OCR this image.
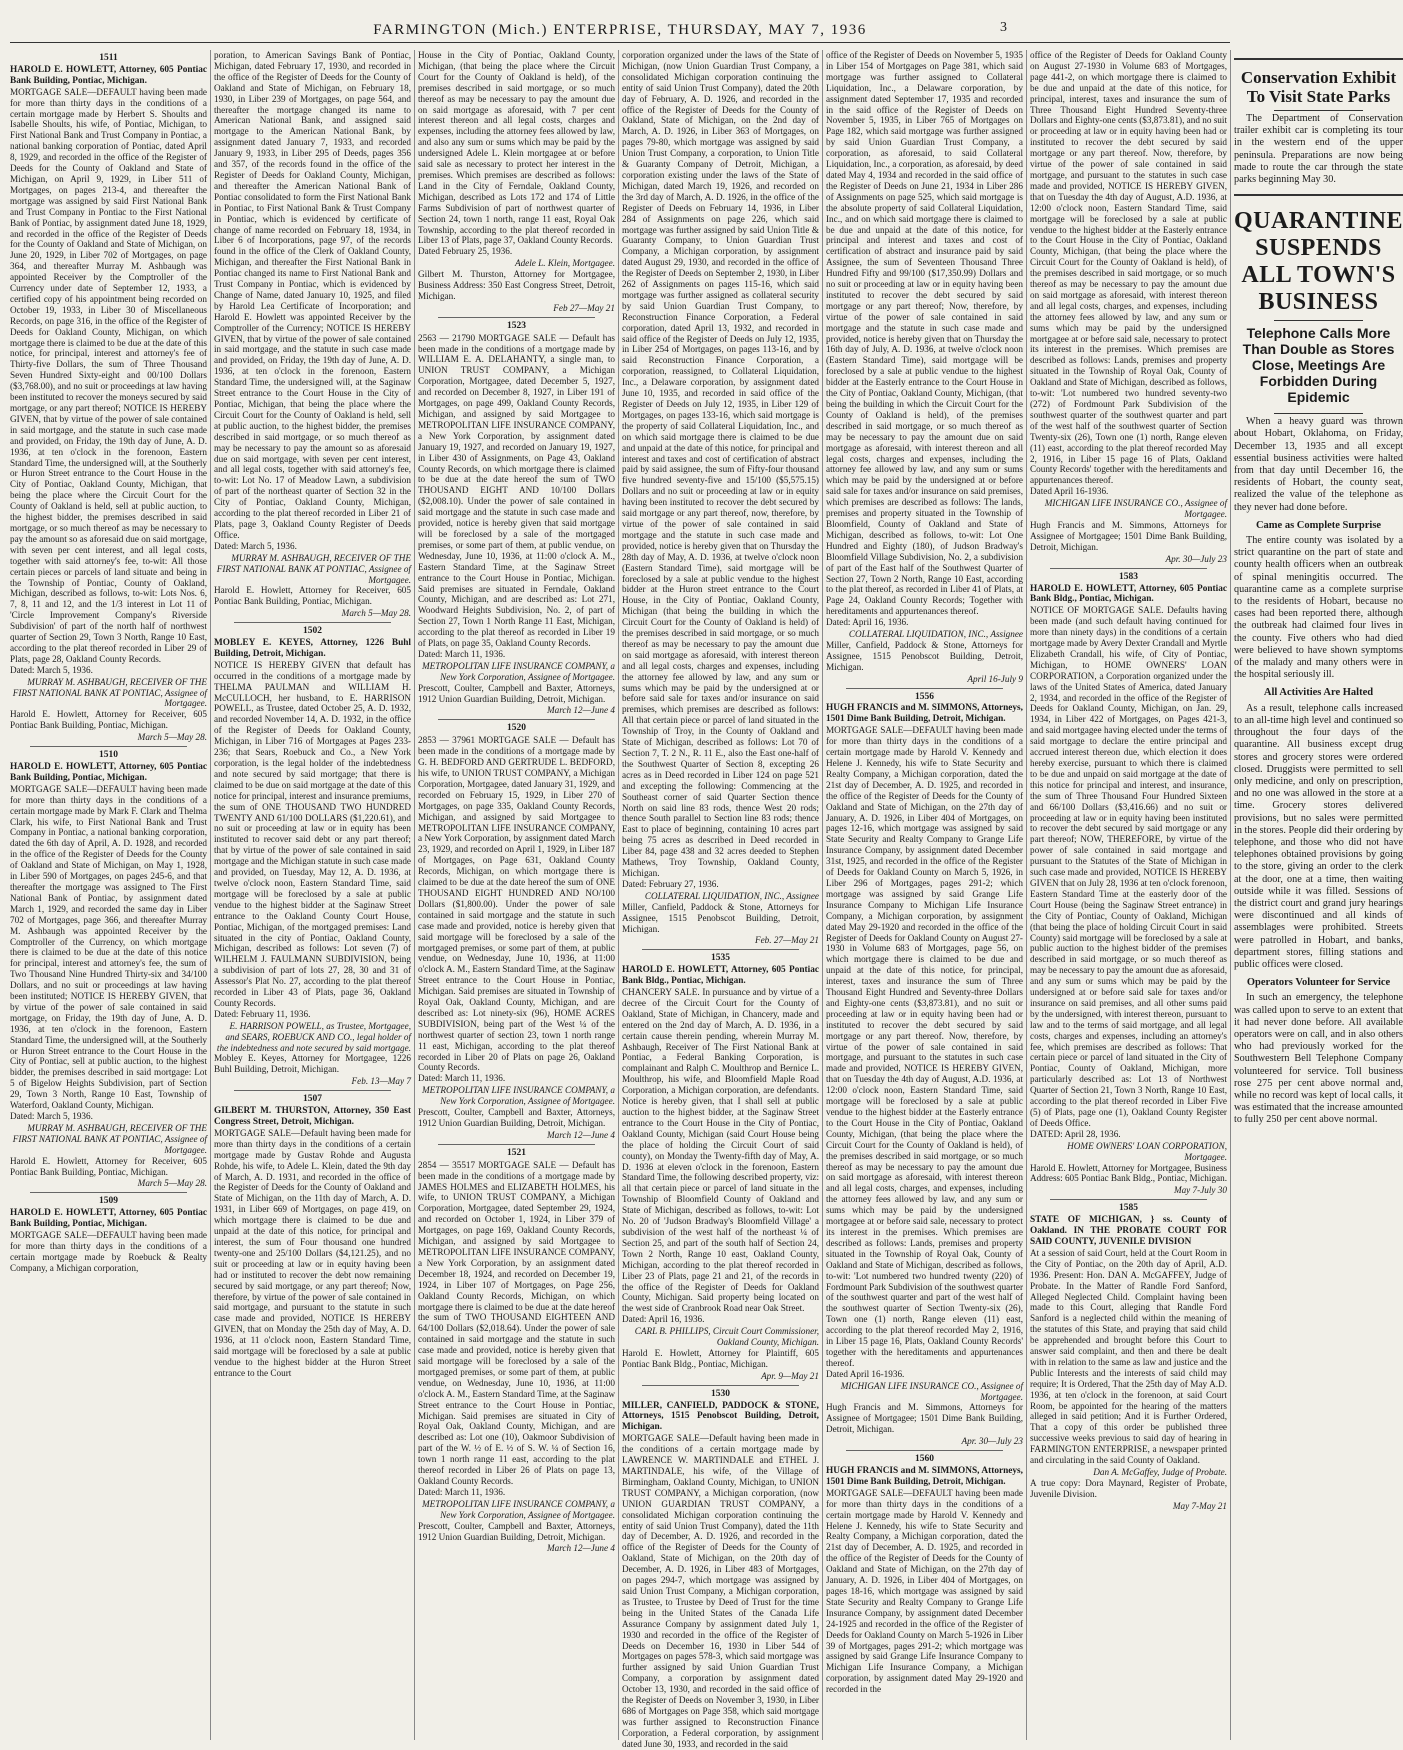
FARMINGTON (Mich.) ENTERPRISE, THURSDAY, MAY 7, 1936	3
1511
HAROLD E. HOWLETT, Attorney, 605 Pontiac Bank Building, Pontiac, Michigan.
MORTGAGE SALE—DEFAULT having been made for more than thirty days in the conditions of a certain mortgage made by Herbert S. Shoults and Isabelle Shoults, his wife, of Pontiac, Michigan, to First National Bank and Trust Company in Pontiac, a national banking corporation of Pontiac, dated April 8, 1929, and recorded in the office of the Register of Deeds for the County of Oakland and State of Michigan, on April 9, 1929, in Liber 511 of Mortgages, on pages 213-4, and thereafter the mortgage was assigned by said First National Bank and Trust Company in Pontiac to the First National Bank of Pontiac, by assignment dated June 18, 1929, and recorded in the office of the Register of Deeds for the County of Oakland and State of Michigan, on June 20, 1929, in Liber 702 of Mortgages, on page 364, and thereafter Murray M. Ashbaugh was appointed Receiver by the Comptroller of the Currency under date of September 12, 1933, a certified copy of his appointment being recorded on October 19, 1933, in Liber 30 of Miscellaneous Records, on page 316, in the office of the Register of Deeds for Oakland County, Michigan, on which mortgage there is claimed to be due at the date of this notice, for principal, interest and attorney's fee of Thirty-five Dollars, the sum of Three Thousand Seven Hundred Sixty-eight and 00/100 Dollars ($3,768.00), and no suit or proceedings at law having been instituted to recover the moneys secured by said mortgage, or any part thereof; NOTICE IS HEREBY GIVEN, that by virtue of the power of sale contained in said mortgage, and the statute in such case made and provided, on Friday, the 19th day of June, A. D. 1936, at ten o'clock in the forenoon, Eastern Standard Time, the undersigned will, at the Southerly or Huron Street entrance to the Court House in the City of Pontiac, Oakland County, Michigan, that being the place where the Circuit Court for the County of Oakland is held, sell at public auction, to the highest bidder, the premises described in said mortgage, or so much thereof as may be necessary to pay the amount so as aforesaid due on said mortgage, with seven per cent interest, and all legal costs, together with said attorney's fee, to-wit: All those certain pieces or parcels of land situate and being in the Township of Pontiac, County of Oakland, Michigan, described as follows, to-wit: Lots Nos. 6, 7, 8, 11 and 12, and the 1/3 interest in Lot 11 of 'Circle Improvement Company's Riverside Subdivision' of part of the north half of northwest quarter of Section 29, Town 3 North, Range 10 East, according to the plat thereof recorded in Liber 29 of Plats, page 28, Oakland County Records.
Dated: March 5, 1936.
MURRAY M. ASHBAUGH, RECEIVER OF THE FIRST NATIONAL BANK AT PONTIAC, Assignee of Mortgagee.
Harold E. Howlett, Attorney for Receiver, 605 Pontiac Bank Building, Pontiac, Michigan.
March 5—May 28.
1510
HAROLD E. HOWLETT, Attorney, 605 Pontiac Bank Building, Pontiac, Michigan.
MORTGAGE SALE—DEFAULT having been made for more than thirty days in the conditions of a certain mortgage made by Mark F. Clark and Thelma Clark, his wife, to First National Bank and Trust Company in Pontiac, a national banking corporation, dated the 6th day of April, A. D. 1928, and recorded in the office of the Register of Deeds for the County of Oakland and State of Michigan, on May 1, 1928, in Liber 590 of Mortgages, on pages 245-6, and that thereafter the mortgage was assigned to The First National Bank of Pontiac, by assignment dated March 1, 1929, and recorded the same day in Liber 702 of Mortgages, page 366, and thereafter Murray M. Ashbaugh was appointed Receiver by the Comptroller of the Currency, on which mortgage there is claimed to be due at the date of this notice for principal, interest and attorney's fee, the sum of Two Thousand Nine Hundred Thirty-six and 34/100 Dollars, and no suit or proceedings at law having been instituted; NOTICE IS HEREBY GIVEN, that by virtue of the power of sale contained in said mortgage, on Friday, the 19th day of June, A. D. 1936, at ten o'clock in the forenoon, Eastern Standard Time, the undersigned will, at the Southerly or Huron Street entrance to the Court House in the City of Pontiac, sell at public auction, to the highest bidder, the premises described in said mortgage: Lot 5 of Bigelow Heights Subdivision, part of Section 29, Town 3 North, Range 10 East, Township of Waterford, Oakland County, Michigan.
Dated: March 5, 1936.
MURRAY M. ASHBAUGH, RECEIVER OF THE FIRST NATIONAL BANK AT PONTIAC, Assignee of Mortgagee.
Harold E. Howlett, Attorney for Receiver, 605 Pontiac Bank Building, Pontiac, Michigan.
March 5—May 28.
1509
HAROLD E. HOWLETT, Attorney, 605 Pontiac Bank Building, Pontiac, Michigan.
MORTGAGE SALE—DEFAULT having been made for more than thirty days in the conditions of a certain mortgage made by Roebuck & Realty Company, a Michigan corporation,
poration, to American Savings Bank of Pontiac, Michigan, dated February 17, 1930, and recorded in the office of the Register of Deeds for the County of Oakland and State of Michigan, on February 18, 1930, in Liber 239 of Mortgages, on page 564, and thereafter the mortgage changed its name to American National Bank, and assigned said mortgage to the American National Bank, by assignment dated January 7, 1933, and recorded January 9, 1933, in Liber 295 of Deeds, pages 356 and 357, of the records found in the office of the Register of Deeds for Oakland County, Michigan, and thereafter the American National Bank of Pontiac consolidated to form the First National Bank in Pontiac, to First National Bank & Trust Company in Pontiac, which is evidenced by certificate of change of name recorded on February 18, 1934, in Liber 6 of Incorporations, page 97, of the records found in the office of the Clerk of Oakland County, Michigan, and thereafter the First National Bank in Pontiac changed its name to First National Bank and Trust Company in Pontiac, which is evidenced by Change of Name, dated January 10, 1925, and filed by Harold Lea Certificate of Incorporation; and Harold E. Howlett was appointed Receiver by the Comptroller of the Currency; NOTICE IS HEREBY GIVEN, that by virtue of the power of sale contained in said mortgage, and the statute in such case made and provided, on Friday, the 19th day of June, A. D. 1936, at ten o'clock in the forenoon, Eastern Standard Time, the undersigned will, at the Saginaw Street entrance to the Court House in the City of Pontiac, Michigan, that being the place where the Circuit Court for the County of Oakland is held, sell at public auction, to the highest bidder, the premises described in said mortgage, or so much thereof as may be necessary to pay the amount so as aforesaid due on said mortgage, with seven per cent interest, and all legal costs, together with said attorney's fee, to-wit: Lot No. 17 of Meadow Lawn, a subdivision of part of the northeast quarter of Section 32 in the City of Pontiac, Oakland County, Michigan, according to the plat thereof recorded in Liber 21 of Plats, page 3, Oakland County Register of Deeds Office.
Dated: March 5, 1936.
MURRAY M. ASHBAUGH, RECEIVER OF THE FIRST NATIONAL BANK AT PONTIAC, Assignee of Mortgagee.
Harold E. Howlett, Attorney for Receiver, 605 Pontiac Bank Building, Pontiac, Michigan.
March 5—May 28.
1502
MOBLEY E. KEYES, Attorney, 1226 Buhl Building, Detroit, Michigan.
NOTICE IS HEREBY GIVEN that default has occurred in the conditions of a mortgage made by THELMA PAULMAN and WILLIAM H. McCULLOCH, her husband, to E. HARRISON POWELL, as Trustee, dated October 25, A. D. 1932, and recorded November 14, A. D. 1932, in the office of the Register of Deeds for Oakland County, Michigan, in Liber 716 of Mortgages at Pages 233-236; that Sears, Roebuck and Co., a New York corporation, is the legal holder of the indebtedness and note secured by said mortgage; that there is claimed to be due on said mortgage at the date of this notice for principal, interest and insurance premiums, the sum of ONE THOUSAND TWO HUNDRED TWENTY AND 61/100 DOLLARS ($1,220.61), and no suit or proceeding at law or in equity has been instituted to recover said debt or any part thereof; that by virtue of the power of sale contained in said mortgage and the Michigan statute in such case made and provided, on Tuesday, May 12, A. D. 1936, at twelve o'clock noon, Eastern Standard Time, said mortgage will be foreclosed by a sale at public vendue to the highest bidder at the Saginaw Street entrance to the Oakland County Court House, Pontiac, Michigan, of the mortgaged premises: Land situated in the city of Pontiac, Oakland County, Michigan, described as follows: Lot seven (7) of WILHELM J. FAULMANN SUBDIVISION, being a subdivision of part of lots 27, 28, 30 and 31 of Assessor's Plat No. 27, according to the plat thereof recorded in Liber 43 of Plats, page 36, Oakland County Records.
Dated: February 11, 1936.
E. HARRISON POWELL, as Trustee, Mortgagee, and SEARS, ROEBUCK AND CO., legal holder of the indebtedness and note secured by said mortgage.
Mobley E. Keyes, Attorney for Mortgagee, 1226 Buhl Building, Detroit, Michigan.
Feb. 13—May 7
1507
GILBERT M. THURSTON, Attorney, 350 East Congress Street, Detroit, Michigan.
MORTGAGE SALE—Default having been made for more than thirty days in the conditions of a certain mortgage made by Gustav Rohde and Augusta Rohde, his wife, to Adele L. Klein, dated the 9th day of March, A. D. 1931, and recorded in the office of the Register of Deeds for the County of Oakland and State of Michigan, on the 11th day of March, A. D. 1931, in Liber 669 of Mortgages, on page 419, on which mortgage there is claimed to be due and unpaid at the date of this notice, for principal and interest, the sum of Four thousand one hundred twenty-one and 25/100 Dollars ($4,121.25), and no suit or proceeding at law or in equity having been had or instituted to recover the debt now remaining secured by said mortgage, or any part thereof; Now, therefore, by virtue of the power of sale contained in said mortgage, and pursuant to the statute in such case made and provided, NOTICE IS HEREBY GIVEN, that on Monday the 25th day of May, A. D. 1936, at 11 o'clock noon, Eastern Standard Time, said mortgage will be foreclosed by a sale at public vendue to the highest bidder at the Huron Street entrance to the Court
House in the City of Pontiac, Oakland County, Michigan, (that being the place where the Circuit Court for the County of Oakland is held), of the premises described in said mortgage, or so much thereof as may be necessary to pay the amount due on said mortgage as aforesaid, with 7 per cent interest thereon and all legal costs, charges and expenses, including the attorney fees allowed by law, and also any sum or sums which may be paid by the undersigned Adele L. Klein mortgagee at or before said sale as necessary to protect her interest in the premises. Which premises are described as follows: Land in the City of Ferndale, Oakland County, Michigan, described as Lots 172 and 174 of Little Farms Subdivision of part of northwest quarter of Section 24, town 1 north, range 11 east, Royal Oak Township, according to the plat thereof recorded in Liber 13 of Plats, page 37, Oakland County Records.
Dated February 25, 1936.
Adele L. Klein, Mortgagee.
Gilbert M. Thurston, Attorney for Mortgagee, Business Address: 350 East Congress Street, Detroit, Michigan.
Feb 27—May 21
1523
2563 — 21790 MORTGAGE SALE — Default has been made in the conditions of a mortgage made by WILLIAM E. A. DELAHANTY, a single man, to UNION TRUST COMPANY, a Michigan Corporation, Mortgagee, dated December 5, 1927, and recorded on December 8, 1927, in Liber 191 of Mortgages, on page 499, Oakland County Records, Michigan, and assigned by said Mortgagee to METROPOLITAN LIFE INSURANCE COMPANY, a New York Corporation, by assignment dated January 19, 1927, and recorded on January 19, 1927, in Liber 430 of Assignments, on Page 43, Oakland County Records, on which mortgage there is claimed to be due at the date hereof the sum of TWO THOUSAND EIGHT AND 10/100 Dollars ($2,008.10). Under the power of sale contained in said mortgage and the statute in such case made and provided, notice is hereby given that said mortgage will be foreclosed by a sale of the mortgaged premises, or some part of them, at public vendue, on Wednesday, June 10, 1936, at 11:00 o'clock A. M., Eastern Standard Time, at the Saginaw Street entrance to the Court House in Pontiac, Michigan. Said premises are situated in Ferndale, Oakland County, Michigan, and are described as: Lot 271, Woodward Heights Subdivision, No. 2, of part of Section 27, Town 1 North Range 11 East, Michigan, according to the plat thereof as recorded in Liber 19 of Plats, on page 35, Oakland County Records.
Dated: March 11, 1936.
METROPOLITAN LIFE INSURANCE COMPANY, a New York Corporation, Assignee of Mortgagee.
Prescott, Coulter, Campbell and Baxter, Attorneys, 1912 Union Guardian Building, Detroit, Michigan.
March 12—June 4
1520
2853 — 37961 MORTGAGE SALE — Default has been made in the conditions of a mortgage made by G. H. BEDFORD AND GERTRUDE L. BEDFORD, his wife, to UNION TRUST COMPANY, a Michigan Corporation, Mortgagee, dated January 31, 1929, and recorded on February 15, 1929, in Liber 270 of Mortgages, on page 335, Oakland County Records, Michigan, and assigned by said Mortgagee to METROPOLITAN LIFE INSURANCE COMPANY, a New York Corporation, by assignment dated March 23, 1929, and recorded on April 1, 1929, in Liber 187 of Mortgages, on Page 631, Oakland County Records, Michigan, on which mortgage there is claimed to be due at the date hereof the sum of ONE THOUSAND EIGHT HUNDRED AND NO/100 Dollars ($1,800.00). Under the power of sale contained in said mortgage and the statute in such case made and provided, notice is hereby given that said mortgage will be foreclosed by a sale of the mortgaged premises, or some part of them, at public vendue, on Wednesday, June 10, 1936, at 11:00 o'clock A. M., Eastern Standard Time, at the Saginaw Street entrance to the Court House in Pontiac, Michigan. Said premises are situated in Township of Royal Oak, Oakland County, Michigan, and are described as: Lot ninety-six (96), HOME ACRES SUBDIVISION, being part of the West ¼ of the northwest quarter of section 23, town 1 north range 11 east, Michigan, according to the plat thereof recorded in Liber 20 of Plats on page 26, Oakland County Records.
Dated: March 11, 1936.
METROPOLITAN LIFE INSURANCE COMPANY, a New York Corporation, Assignee of Mortgagee.
Prescott, Coulter, Campbell and Baxter, Attorneys, 1912 Union Guardian Building, Detroit, Michigan.
March 12—June 4
1521
2854 — 35517 MORTGAGE SALE — Default has been made in the conditions of a mortgage made by JAMES HOLMES and ELIZABETH HOLMES, his wife, to UNION TRUST COMPANY, a Michigan Corporation, Mortgagee, dated September 29, 1924, and recorded on October 1, 1924, in Liber 379 of Mortgages, on page 169, Oakland County Records, Michigan, and assigned by said Mortgagee to METROPOLITAN LIFE INSURANCE COMPANY, a New York Corporation, by an assignment dated December 18, 1924, and recorded on December 19, 1924, in Liber 107 of Mortgages, on Page 256, Oakland County Records, Michigan, on which mortgage there is claimed to be due at the date hereof the sum of TWO THOUSAND EIGHTEEN AND 64/100 Dollars ($2,018.64). Under the power of sale contained in said mortgage and the statute in such case made and provided, notice is hereby given that said mortgage will be foreclosed by a sale of the mortgaged premises, or some part of them, at public vendue, on Wednesday, June 10, 1936, at 11:00 o'clock A. M., Eastern Standard Time, at the Saginaw Street entrance to the Court House in Pontiac, Michigan. Said premises are situated in City of Royal Oak, Oakland County, Michigan, and are described as: Lot one (10), Oakmoor Subdivision of part of the W. ½ of E. ½ of S. W. ¼ of Section 16, town 1 north range 11 east, according to the plat thereof recorded in Liber 26 of Plats on page 13, Oakland County Records.
Dated: March 11, 1936.
METROPOLITAN LIFE INSURANCE COMPANY, a New York Corporation, Assignee of Mortgagee.
Prescott, Coulter, Campbell and Baxter, Attorneys, 1912 Union Guardian Building, Detroit, Michigan.
March 12—June 4
corporation organized under the laws of the State of Michigan, (now Union Guardian Trust Company, a consolidated Michigan corporation continuing the entity of said Union Trust Company), dated the 20th day of February, A. D. 1926, and recorded in the office of the Register of Deeds for the County of Oakland, State of Michigan, on the 2nd day of March, A. D. 1926, in Liber 363 of Mortgages, on pages 79-80, which mortgage was assigned by said Union Trust Company, a corporation, to Union Title & Guaranty Company of Detroit, Michigan, a corporation existing under the laws of the State of Michigan, dated March 19, 1926, and recorded on the 3rd day of March, A. D. 1926, in the office of the Register of Deeds on February 14, 1936, in Liber 284 of Assignments on page 226, which said mortgage was further assigned by said Union Title & Guaranty Company, to Union Guardian Trust Company, a Michigan corporation, by assignment dated August 29, 1930, and recorded in the office of the Register of Deeds on September 2, 1930, in Liber 262 of Assignments on pages 115-16, which said mortgage was further assigned as collateral security by said Union Guardian Trust Company, to Reconstruction Finance Corporation, a Federal corporation, dated April 13, 1932, and recorded in said office of the Register of Deeds on July 12, 1935, in Liber 254 of Mortgages, on pages 113-16, and by said Reconstruction Finance Corporation, a corporation, reassigned, to Collateral Liquidation, Inc., a Delaware corporation, by assignment dated June 10, 1935, and recorded in said office of the Register of Deeds on July 12, 1935, in Liber 129 of Mortgages, on pages 133-16, which said mortgage is the property of said Collateral Liquidation, Inc., and on which said mortgage there is claimed to be due and unpaid at the date of this notice, for principal and interest and taxes and cost of certification of abstract paid by said assignee, the sum of Fifty-four thousand five hundred seventy-five and 15/100 ($5,575.15) Dollars and no suit or proceeding at law or in equity having been instituted to recover the debt secured by said mortgage or any part thereof, now, therefore, by virtue of the power of sale contained in said mortgage and the statute in such case made and provided, notice is hereby given that on Thursday the 28th day of May, A. D. 1936, at twelve o'clock noon (Eastern Standard Time), said mortgage will be foreclosed by a sale at public vendue to the highest bidder at the Huron street entrance to the Court House, in the City of Pontiac, Oakland County, Michigan (that being the building in which the Circuit Court for the County of Oakland is held) of the premises described in said mortgage, or so much thereof as may be necessary to pay the amount due on said mortgage as aforesaid, with interest thereon and all legal costs, charges and expenses, including the attorney fee allowed by law, and any sum or sums which may be paid by the undersigned at or before said sale for taxes and/or insurance on said premises, which premises are described as follows: All that certain piece or parcel of land situated in the Township of Troy, in the County of Oakland and State of Michigan, described as follows: Lot 70 of Section 7, T. 2 N., R. 11 E., also the East one-half of the Southwest Quarter of Section 8, excepting 26 acres as in Deed recorded in Liber 124 on page 521 and excepting the following: Commencing at the Southeast corner of said Quarter Section thence North on said line 83 rods, thence West 20 rods; thence South parallel to Section line 83 rods; thence East to place of beginning, containing 10 acres part being 75 acres as described in Deed recorded in Liber 84, page 438 and 32 acres deeded to Stephen Mathews, Troy Township, Oakland County, Michigan.
Dated: February 27, 1936.
COLLATERAL LIQUIDATION, INC., Assignee
Miller, Canfield, Paddock & Stone, Attorneys for Assignee, 1515 Penobscot Building, Detroit, Michigan.
Feb. 27—May 21
1535
HAROLD E. HOWLETT, Attorney, 605 Pontiac Bank Bldg., Pontiac, Michigan.
CHANCERY SALE. In pursuance and by virtue of a decree of the Circuit Court for the County of Oakland, State of Michigan, in Chancery, made and entered on the 2nd day of March, A. D. 1936, in a certain cause therein pending, wherein Murray M. Ashbaugh, Receiver of The First National Bank at Pontiac, a Federal Banking Corporation, is complainant and Ralph C. Moulthrop and Bernice L. Moulthrop, his wife, and Bloomfield Maple Road Corporation, a Michigan corporation, are defendants. Notice is hereby given, that I shall sell at public auction to the highest bidder, at the Saginaw Street entrance to the Court House in the City of Pontiac, Oakland County, Michigan (said Court House being the place of holding the Circuit Court of said county), on Monday the Twenty-fifth day of May, A. D. 1936 at eleven o'clock in the forenoon, Eastern Standard Time, the following described property, viz: all that certain piece or parcel of land situate in the Township of Bloomfield County of Oakland and State of Michigan, described as follows, to-wit: Lot No. 20 of 'Judson Bradway's Bloomfield Village' a subdivision of the west half of the northeast ¼ of Section 25, and part of the south half of Section 24, Town 2 North, Range 10 east, Oakland County, Michigan, according to the plat thereof recorded in Liber 23 of Plats, page 21 and 21, of the records in the office of the Register of Deeds for Oakland County, Michigan. Said property being located on the west side of Cranbrook Road near Oak Street.
Dated: April 16, 1936.
CARL B. PHILLIPS, Circuit Court Commissioner, Oakland County, Michigan.
Harold E. Howlett, Attorney for Plaintiff, 605 Pontiac Bank Bldg., Pontiac, Michigan.
Apr. 9—May 21
1530
MILLER, CANFIELD, PADDOCK & STONE, Attorneys, 1515 Penobscot Building, Detroit, Michigan.
MORTGAGE SALE—Default having been made in the conditions of a certain mortgage made by LAWRENCE W. MARTINDALE and ETHEL J. MARTINDALE, his wife, of the Village of Birmingham, Oakland County, Michigan, to UNION TRUST COMPANY, a Michigan corporation, (now UNION GUARDIAN TRUST COMPANY, a consolidated Michigan corporation continuing the entity of said Union Trust Company), dated the 11th day of December, A. D. 1926, and recorded in the office of the Register of Deeds for the County of Oakland, State of Michigan, on the 20th day of December, A. D. 1926, in Liber 483 of Mortgages, on pages 294-7, which mortgage was assigned by said Union Trust Company, a Michigan corporation, as Trustee, to Trustee by Deed of Trust for the time being in the United States of the Canada Life Assurance Company by assignment dated July 1, 1930 and recorded in the office of the Register of Deeds on December 16, 1930 in Liber 544 of Mortgages on pages 578-3, which said mortgage was further assigned by said Union Guardian Trust Company, a corporation by assignment dated October 13, 1930, and recorded in the said office of the Register of Deeds on November 3, 1930, in Liber 686 of Mortgages on Page 358, which said mortgage was further assigned to Reconstruction Finance Corporation, a Federal corporation, by assignment dated June 30, 1933, and recorded in the said
office of the Register of Deeds on November 5, 1935 in Liber 154 of Mortgages on Page 381, which said mortgage was further assigned to Collateral Liquidation, Inc., a Delaware corporation, by assignment dated September 17, 1935 and recorded in the said office of the Register of Deeds on November 5, 1935, in Liber 765 of Mortgages on Page 182, which said mortgage was further assigned by said Union Guardian Trust Company, a corporation, as aforesaid, to said Collateral Liquidation, Inc., a corporation, as aforesaid, by deed dated May 4, 1934 and recorded in the said office of the Register of Deeds on June 21, 1934 in Liber 286 of Assignments on page 525, which said mortgage is the absolute property of said Collateral Liquidation, Inc., and on which said mortgage there is claimed to be due and unpaid at the date of this notice, for principal and interest and taxes and cost of certification of abstract and insurance paid by said Assignee, the sum of Seventeen Thousand Three Hundred Fifty and 99/100 ($17,350.99) Dollars and no suit or proceeding at law or in equity having been instituted to recover the debt secured by said mortgage or any part thereof; Now, therefore, by virtue of the power of sale contained in said mortgage and the statute in such case made and provided, notice is hereby given that on Thursday the 16th day of July, A. D. 1936, at twelve o'clock noon (Eastern Standard Time), said mortgage will be foreclosed by a sale at public vendue to the highest bidder at the Easterly entrance to the Court House in the City of Pontiac, Oakland County, Michigan, (that being the building in which the Circuit Court for the County of Oakland is held), of the premises described in said mortgage, or so much thereof as may be necessary to pay the amount due on said mortgage as aforesaid, with interest thereon and all legal costs, charges and expenses, including the attorney fee allowed by law, and any sum or sums which may be paid by the undersigned at or before said sale for taxes and/or insurance on said premises, which premises are described as follows: The lands, premises and property situated in the Township of Bloomfield, County of Oakland and State of Michigan, described as follows, to-wit: Lot One Hundred and Eighty (180), of Judson Bradway's Bloomfield Village Subdivision, No. 2, a subdivision of part of the East half of the Southwest Quarter of Section 27, Town 2 North, Range 10 East, according to the plat thereof, as recorded in Liber 41 of Plats, at Page 24, Oakland County Records; Together with hereditaments and appurtenances thereof.
Dated: April 16, 1936.
COLLATERAL LIQUIDATION, INC., Assignee
Miller, Canfield, Paddock & Stone, Attorneys for Assignee, 1515 Penobscot Building, Detroit, Michigan.
April 16-July 9
1556
HUGH FRANCIS and M. SIMMONS, Attorneys, 1501 Dime Bank Building, Detroit, Michigan.
MORTGAGE SALE—DEFAULT having been made for more than thirty days in the conditions of a certain mortgage made by Harold V. Kennedy and Helene J. Kennedy, his wife to State Security and Realty Company, a Michigan corporation, dated the 21st day of December, A. D. 1925, and recorded in the office of the Register of Deeds for the County of Oakland and State of Michigan, on the 27th day of January, A. D. 1926, in Liber 404 of Mortgages, on pages 12-16, which mortgage was assigned by said State Security and Realty Company to Grange Life Insurance Company, by assignment dated December 31st, 1925, and recorded in the office of the Register of Deeds for Oakland County on March 5, 1926, in Liber 296 of Mortgages, pages 291-2; which mortgage was assigned by said Grange Life Insurance Company to Michigan Life Insurance Company, a Michigan corporation, by assignment dated May 29-1920 and recorded in the office of the Register of Deeds for Oakland County on August 27-1930 in Volume 683 of Mortgages, page 56, on which mortgage there is claimed to be due and unpaid at the date of this notice, for principal, interest, taxes and insurance the sum of Three Thousand Eight Hundred and Seventy-three Dollars and Eighty-one cents ($3,873.81), and no suit or proceeding at law or in equity having been had or instituted to recover the debt secured by said mortgage or any part thereof. Now, therefore, by virtue of the power of sale contained in said mortgage, and pursuant to the statutes in such case made and provided, NOTICE IS HEREBY GIVEN, that on Tuesday the 4th day of August, A.D. 1936, at 12:00 o'clock noon, Eastern Standard Time, said mortgage will be foreclosed by a sale at public vendue to the highest bidder at the Easterly entrance to the Court House in the City of Pontiac, Oakland County, Michigan, (that being the place where the Circuit Court for the County of Oakland is held), of the premises described in said mortgage, or so much thereof as may be necessary to pay the amount due on said mortgage as aforesaid, with interest thereon and all legal costs, charges, and expenses, including the attorney fees allowed by law, and any sum or sums which may be paid by the undersigned mortgagee at or before said sale, necessary to protect its interest in the premises. Which premises are described as follows: Lands, premises and property situated in the Township of Royal Oak, County of Oakland and State of Michigan, described as follows, to-wit: 'Lot numbered two hundred twenty (220) of Fordmount Park Subdivision of the southwest quarter of the southwest quarter and part of the west half of the southwest quarter of Section Twenty-six (26), Town one (1) north, Range eleven (11) east, according to the plat thereof recorded May 2, 1916, in Liber 15 page 16, Plats, Oakland County Records' together with the hereditaments and appurtenances thereof.
Dated April 16-1936.
MICHIGAN LIFE INSURANCE CO., Assignee of Mortgagee.
Hugh Francis and M. Simmons, Attorneys for Assignee of Mortgagee; 1501 Dime Bank Building, Detroit, Michigan.
Apr. 30—July 23
1560
HUGH FRANCIS and M. SIMMONS, Attorneys, 1501 Dime Bank Building, Detroit, Michigan.
MORTGAGE SALE—DEFAULT having been made for more than thirty days in the conditions of a certain mortgage made by Harold V. Kennedy and Helene J. Kennedy, his wife to State Security and Realty Company, a Michigan corporation, dated the 21st day of December, A. D. 1925, and recorded in the office of the Register of Deeds for the County of Oakland and State of Michigan, on the 27th day of January, A. D. 1926, in Liber 404 of Mortgages, on pages 18-16, which mortgage was assigned by said State Security and Realty Company to Grange Life Insurance Company, by assignment dated December 24-1925 and recorded in the office of the Register of Deeds for Oakland County on March 5-1926 in Liber 39 of Mortgages, pages 291-2; which mortgage was assigned by said Grange Life Insurance Company to Michigan Life Insurance Company, a Michigan corporation, by assignment dated May 29-1920 and recorded in the
office of the Register of Deeds for Oakland County on August 27-1930 in Volume 683 of Mortgages, page 441-2, on which mortgage there is claimed to be due and unpaid at the date of this notice, for principal, interest, taxes and insurance the sum of Three Thousand Eight Hundred Seventy-three Dollars and Eighty-one cents ($3,873.81), and no suit or proceeding at law or in equity having been had or instituted to recover the debt secured by said mortgage or any part thereof. Now, therefore, by virtue of the power of sale contained in said mortgage, and pursuant to the statutes in such case made and provided, NOTICE IS HEREBY GIVEN, that on Tuesday the 4th day of August, A.D. 1936, at 12:00 o'clock noon, Eastern Standard Time, said mortgage will be foreclosed by a sale at public vendue to the highest bidder at the Easterly entrance to the Court House in the City of Pontiac, Oakland County, Michigan, (that being the place where the Circuit Court for the County of Oakland is held), of the premises described in said mortgage, or so much thereof as may be necessary to pay the amount due on said mortgage as aforesaid, with interest thereon and all legal costs, charges, and expenses, including the attorney fees allowed by law, and any sum or sums which may be paid by the undersigned mortgagee at or before said sale, necessary to protect its interest in the premises. Which premises are described as follows: Lands, premises and property situated in the Township of Royal Oak, County of Oakland and State of Michigan, described as follows, to-wit: 'Lot numbered two hundred seventy-two (272) of Fordmount Park Subdivision of the southwest quarter of the southwest quarter and part of the west half of the southwest quarter of Section Twenty-six (26), Town one (1) north, Range eleven (11) east, according to the plat thereof recorded May 2, 1916, in Liber 15 page 16 of Plats, Oakland County Records' together with the hereditaments and appurtenances thereof.
Dated April 16-1936.
MICHIGAN LIFE INSURANCE CO., Assignee of Mortgagee.
Hugh Francis and M. Simmons, Attorneys for Assignee of Mortgagee; 1501 Dime Bank Building, Detroit, Michigan.
Apr. 30—July 23
1583
HAROLD E. HOWLETT, Attorney, 605 Pontiac Bank Bldg., Pontiac, Michigan.
NOTICE OF MORTGAGE SALE. Defaults having been made (and such default having continued for more than ninety days) in the conditions of a certain mortgage made by Avery Dexter Crandall and Myrtle Elizabeth Crandall, his wife, of City of Pontiac, Michigan, to HOME OWNERS' LOAN CORPORATION, a Corporation organized under the laws of the United States of America, dated January 2, 1934, and recorded in the office of the Register of Deeds for Oakland County, Michigan, on Jan. 29, 1934, in Liber 422 of Mortgages, on Pages 421-3, and said mortgagee having elected under the terms of said mortgage to declare the entire principal and accrued interest thereon due, which election it does hereby exercise, pursuant to which there is claimed to be due and unpaid on said mortgage at the date of this notice for principal and interest, and insurance, the sum of Three Thousand Four Hundred Sixteen and 66/100 Dollars ($3,416.66) and no suit or proceeding at law or in equity having been instituted to recover the debt secured by said mortgage or any part thereof; NOW, THEREFORE, by virtue of the power of sale contained in said mortgage and pursuant to the Statutes of the State of Michigan in such case made and provided, NOTICE IS HEREBY GIVEN that on July 28, 1936 at ten o'clock forenoon, Eastern Standard Time at the easterly door of the Court House (being the Saginaw Street entrance) in the City of Pontiac, County of Oakland, Michigan (that being the place of holding Circuit Court in said County) said mortgage will be foreclosed by a sale at public auction to the highest bidder of the premises described in said mortgage, or so much thereof as may be necessary to pay the amount due as aforesaid, and any sum or sums which may be paid by the undersigned at or before said sale for taxes and/or insurance on said premises, and all other sums paid by the undersigned, with interest thereon, pursuant to law and to the terms of said mortgage, and all legal costs, charges and expenses, including an attorney's fee, which premises are described as follows: That certain piece or parcel of land situated in the City of Pontiac, County of Oakland, Michigan, more particularly described as: Lot 13 of Northwest Quarter of Section 21, Town 3 North, Range 10 East, according to the plat thereof recorded in Liber Five (5) of Plats, page one (1), Oakland County Register of Deeds Office.
DATED: April 28, 1936.
HOME OWNERS' LOAN CORPORATION, Mortgagee.
Harold E. Howlett, Attorney for Mortgagee, Business Address: 605 Pontiac Bank Bldg., Pontiac, Michigan.
May 7-July 30
1585
STATE OF MICHIGAN, } ss. County of Oakland. IN THE PROBATE COURT FOR SAID COUNTY, JUVENILE DIVISION
At a session of said Court, held at the Court Room in the City of Pontiac, on the 20th day of April, A.D. 1936. Present: Hon. DAN A. McGAFFEY, Judge of Probate. In the Matter of Randle Ford Sanford, Alleged Neglected Child. Complaint having been made to this Court, alleging that Randle Ford Sanford is a neglected child within the meaning of the statutes of this State, and praying that said child be apprehended and brought before this Court to answer said complaint, and then and there be dealt with in relation to the same as law and justice and the Public Interests and the interests of said child may require; It is Ordered, That the 25th day of May A.D. 1936, at ten o'clock in the forenoon, at said Court Room, be appointed for the hearing of the matters alleged in said petition; And it is Further Ordered, That a copy of this order be published three successive weeks previous to said day of hearing in FARMINGTON ENTERPRISE, a newspaper printed and circulating in the said County of Oakland.
Dan A. McGaffey, Judge of Probate.
A true copy: Dora Maynard, Register of Probate, Juvenile Division.
May 7-May 21
Conservation Exhibit To Visit State Parks

The Department of Conservation trailer exhibit car is completing its tour in the western end of the upper peninsula. Preparations are now being made to route the car through the state parks beginning May 30.

QUARANTINE SUSPENDS ALL TOWN'S BUSINESS
Telephone Calls More Than Double as Stores Close, Meetings Are Forbidden During Epidemic

When a heavy guard was thrown about Hobart, Oklahoma, on Friday, December 13, 1935 and all except essential business activities were halted from that day until December 16, the residents of Hobart, the county seat, realized the value of the telephone as they never had done before.

Came as Complete Surprise

The entire county was isolated by a strict quarantine on the part of state and county health officers when an outbreak of spinal meningitis occurred. The quarantine came as a complete surprise to the residents of Hobart, because no cases had been reported there, although the outbreak had claimed four lives in the county. Five others who had died were believed to have shown symptoms of the malady and many others were in the hospital seriously ill.

All Activities Are Halted

As a result, telephone calls increased to an all-time high level and continued so throughout the four days of the quarantine. All business except drug stores and grocery stores were ordered closed. Druggists were permitted to sell only medicine, and only on prescription, and no one was allowed in the store at a time. Grocery stores delivered provisions, but no sales were permitted in the stores. People did their ordering by telephone, and those who did not have telephones obtained provisions by going to the store, giving an order to the clerk at the door, one at a time, then waiting outside while it was filled. Sessions of the district court and grand jury hearings were discontinued and all kinds of assemblages were prohibited. Streets were patrolled in Hobart, and banks, department stores, filling stations and public offices were closed.

Operators Volunteer for Service

In such an emergency, the telephone was called upon to serve to an extent that it had never done before. All available operators were on call, and in also others who had previously worked for the Southwestern Bell Telephone Company volunteered for service. Toll business rose 275 per cent above normal and, while no record was kept of local calls, it was estimated that the increase amounted to fully 250 per cent above normal.
